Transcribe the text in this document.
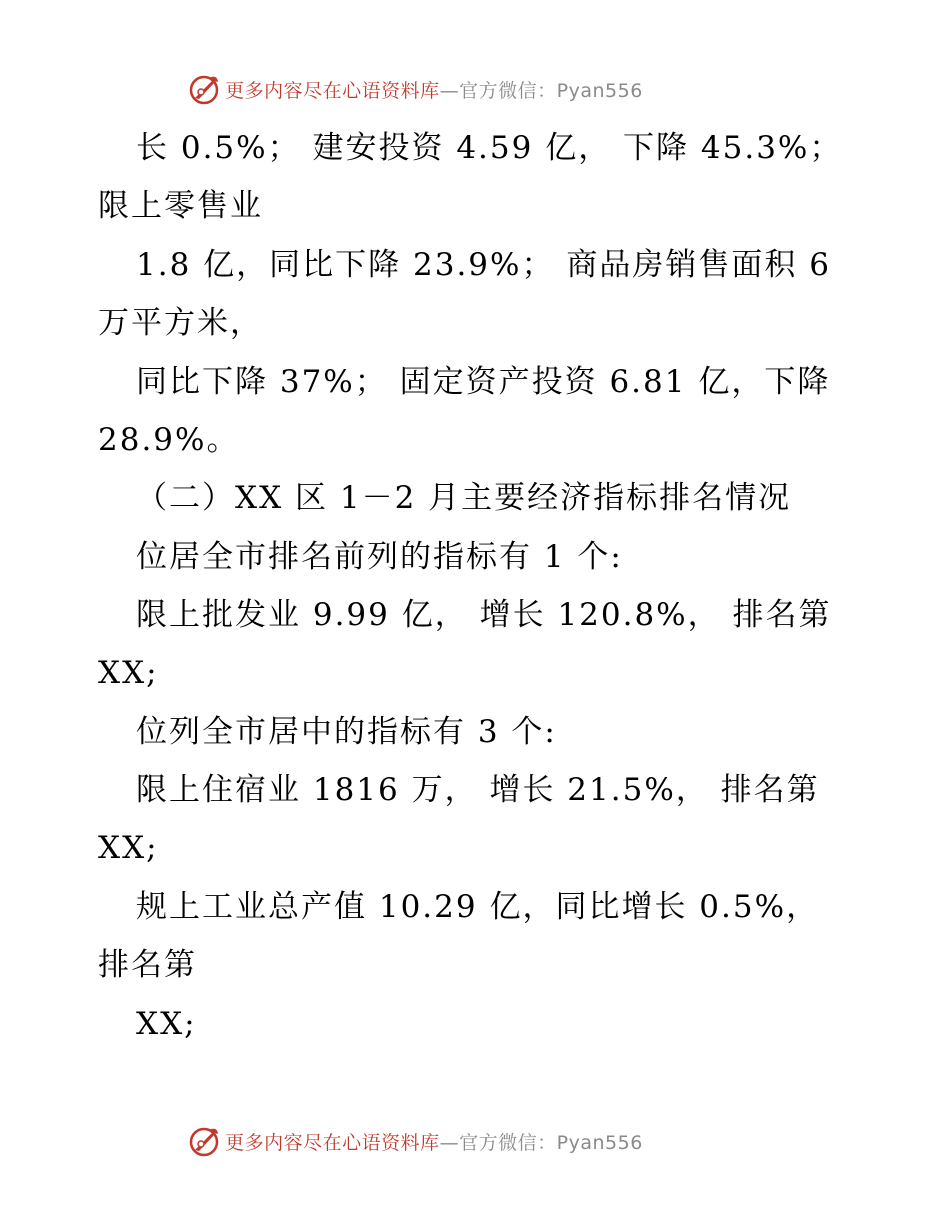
更多内容尽在心语资料库—官方微信：Pyan556
长 0.5%； 建安投资 4.59 亿， 下降 45.3%；
限上零售业
1.8 亿，同比下降 23.9%； 商品房销售面积 6
万平方米，
同比下降 37%； 固定资产投资 6.81 亿，下降
28.9%。
（二）XX 区 1－2 月主要经济指标排名情况
位居全市排名前列的指标有 1 个:
限上批发业 9.99 亿， 增长 120.8%， 排名第
XX;
位列全市居中的指标有 3 个:
限上住宿业 1816 万， 增长 21.5%， 排名第
XX;
规上工业总产值 10.29 亿，同比增长 0.5%，
排名第
XX;
更多内容尽在心语资料库—官方微信：Pyan556
